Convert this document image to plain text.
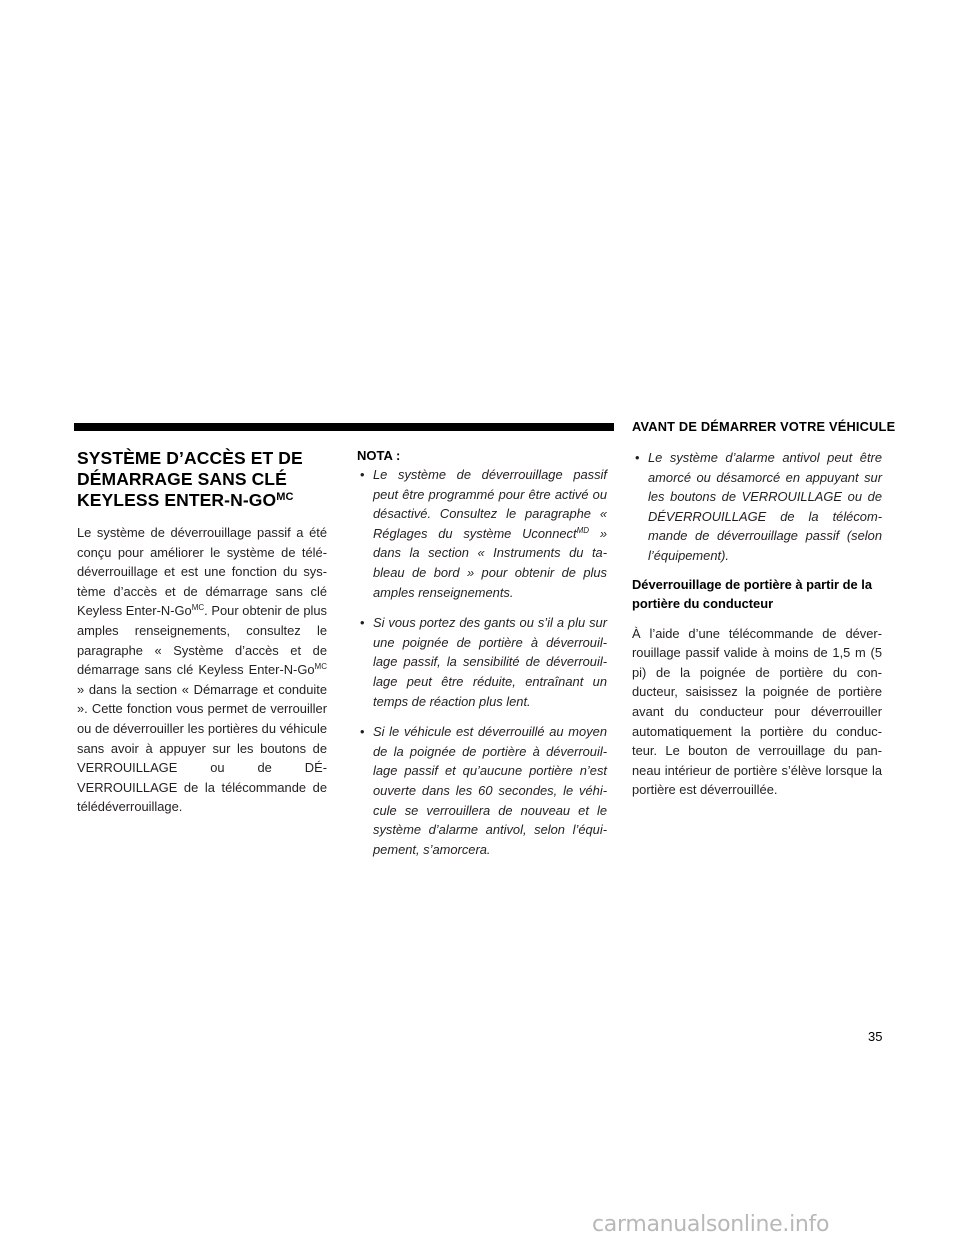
AVANT DE DÉMARRER VOTRE VÉHICULE
SYSTÈME D’ACCÈS ET DE
DÉMARRAGE SANS CLÉ
KEYLESS ENTER-$N-GO^{MC}$

Le système de déverrouillage passif a été conçu pour améliorer le système de télé-déverrouillage et est une fonction du sys-tème d’accès et de démarrage sans clé Keyless Enter-$N-Go^{MC}$. Pour obtenir de plus amples renseignements, consultez le paragraphe « Système d’accès et de démarrage sans clé Keyless Enter-$N-Go^{MC}$ » dans la section « Démarrage et conduite ». Cette fonction vous permet de verrouiller ou de déverrouiller les portières du véhicule sans avoir à appuyer sur les boutons de VERROUILLAGE ou de DÉ-VERROUILLAGE de la télécommande de télédéverrouillage.

NOTA :
• Le système de déverrouillage passif peut être programmé pour être activé ou désactivé. Consultez le paragraphe « Réglages du système Uconnect$^{MD}$ » dans la section « Instruments du ta-bleau de bord » pour obtenir de plus amples renseignements.
• Si vous portez des gants ou s’il a plu sur une poignée de portière à déverrouil-lage passif, la sensibilité de déverrouil-lage peut être réduite, entraînant un temps de réaction plus lent.
• Si le véhicule est déverrouillé au moyen de la poignée de portière à déverrouil-lage passif et qu’aucune portière n’est ouverte dans les 60 secondes, le véhi-cule se verrouillera de nouveau et le système d’alarme antivol, selon l’équi-pement, s’amorcera.
• Le système d’alarme antivol peut être amorcé ou désamorcé en appuyant sur les boutons de VERROUILLAGE ou de DÉVERROUILLAGE de la télécom-mande de déverrouillage passif (selon l’équipement).
Déverrouillage de portière à partir de la portière du conducteur

À l’aide d’une télécommande de déver-rouillage passif valide à moins de 1,5 m (5 pi) de la poignée de portière du con-ducteur, saisissez la poignée de portière avant du conducteur pour déverrouiller automatiquement la portière du conduc-teur. Le bouton de verrouillage du pan-neau intérieur de portière s’élève lorsque la portière est déverrouillée.

35
carmanualsonline.info
